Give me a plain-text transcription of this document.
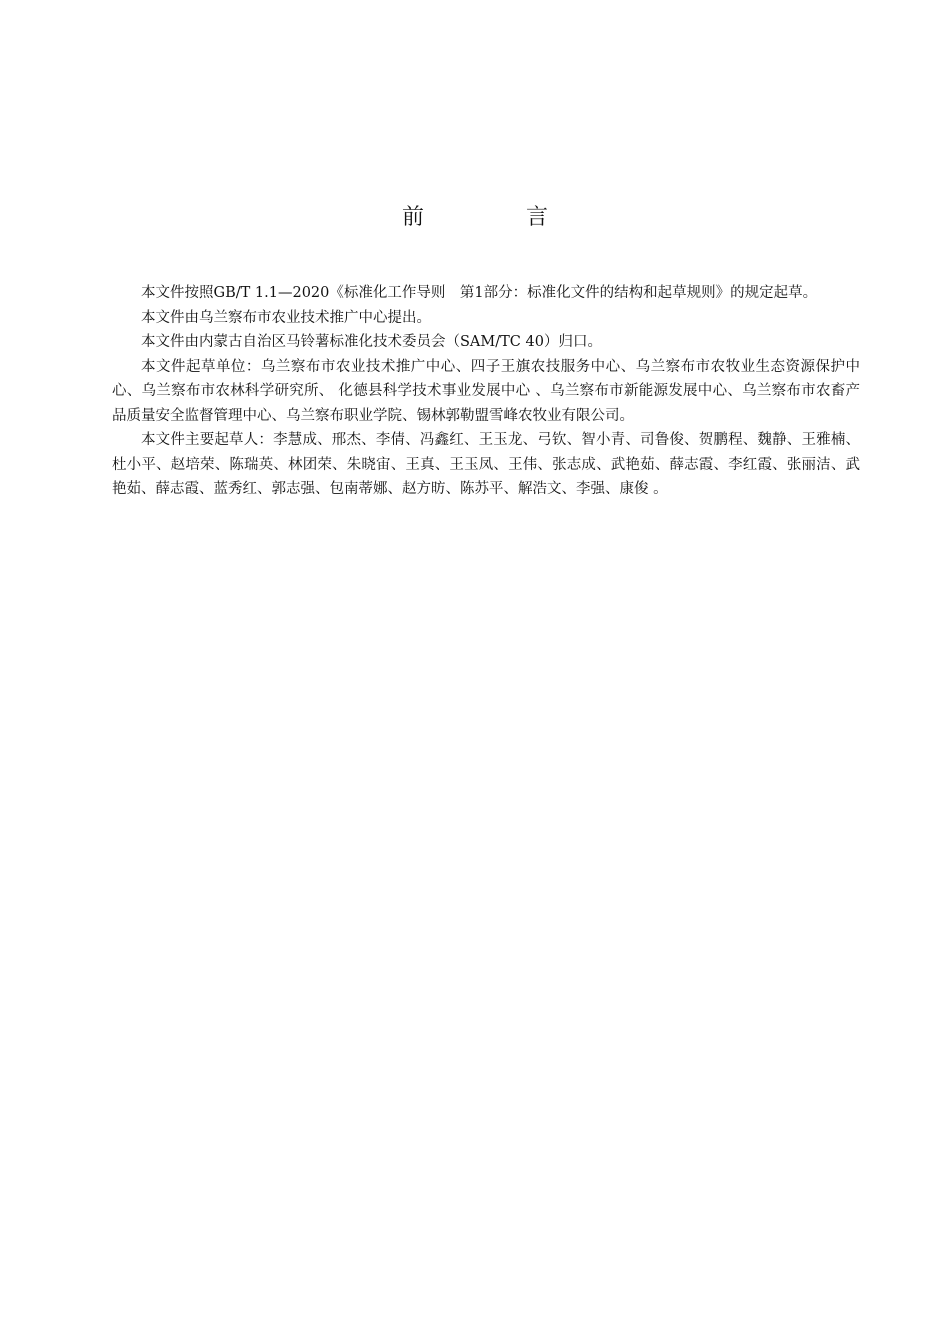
前　言

本文件按照GB/T 1.1—2020《标准化工作导则　第1部分：标准化文件的结构和起草规则》的规定起草。

本文件由乌兰察布市农业技术推广中心提出。

本文件由内蒙古自治区马铃薯标准化技术委员会（SAM/TC 40）归口。

本文件起草单位：乌兰察布市农业技术推广中心、四子王旗农技服务中心、乌兰察布市农牧业生态资源保护中心、乌兰察布市农林科学研究所、 化德县科学技术事业发展中心 、乌兰察布市新能源发展中心、乌兰察布市农畜产品质量安全监督管理中心、乌兰察布职业学院、锡林郭勒盟雪峰农牧业有限公司。

本文件主要起草人：李慧成、邢杰、李倩、冯鑫红、王玉龙、弓钦、智小青、司鲁俊、贺鹏程、魏静、王雅楠、杜小平、赵培荣、陈瑞英、林团荣、朱晓宙、王真、王玉凤、王伟、张志成、武艳茹、薛志霞、李红霞、张丽洁、武艳茹、薛志霞、蓝秀红、郭志强、包南蒂娜、赵方昉、陈苏平、解浩文、李强、康俊 。
